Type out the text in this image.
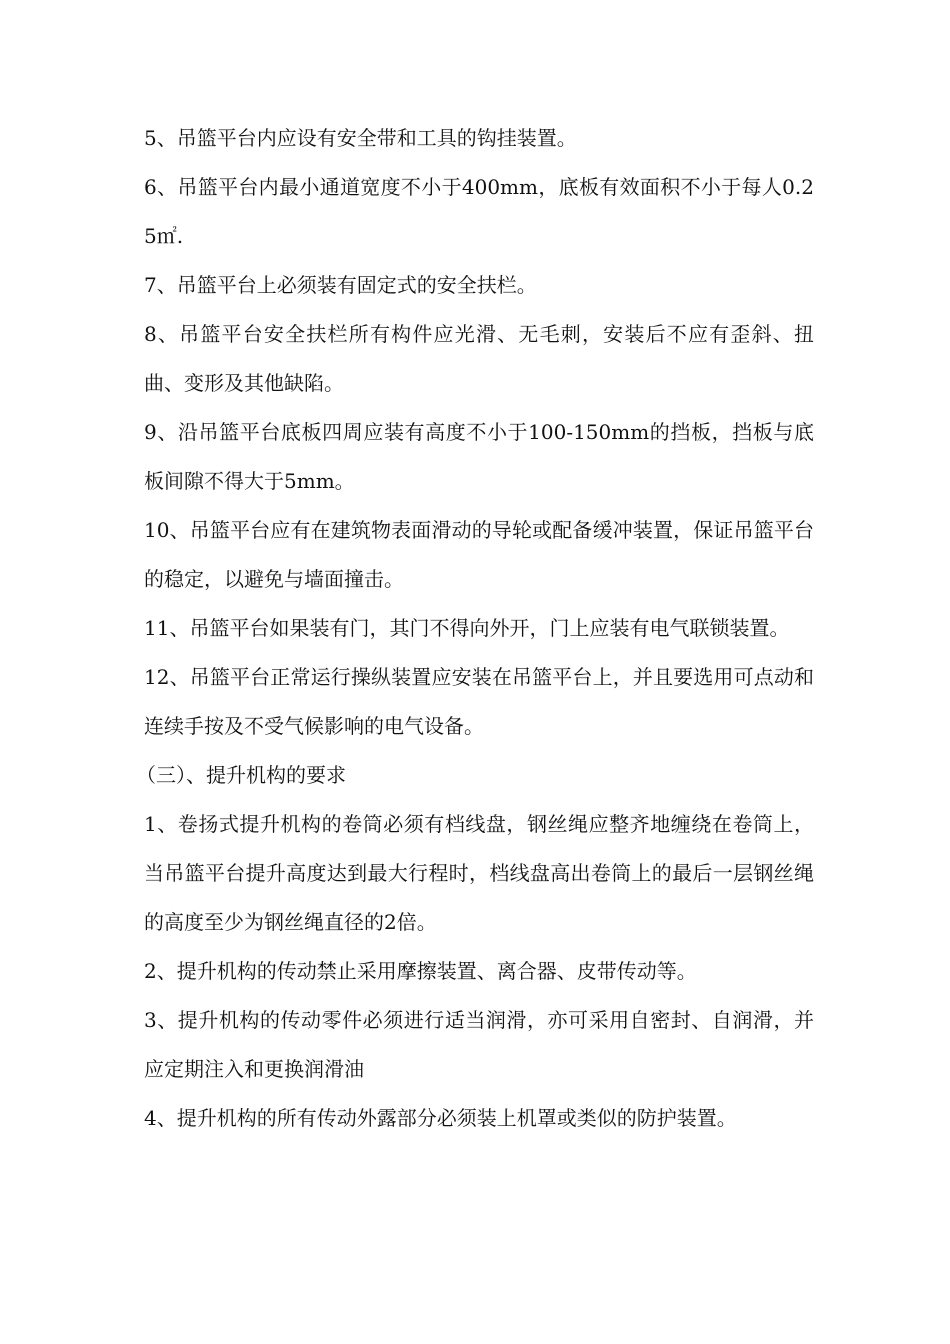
5、吊篮平台内应设有安全带和工具的钩挂装置。

6、吊篮平台内最小通道宽度不小于400mm，底板有效面积不小于每人0.25㎡.

7、吊篮平台上必须装有固定式的安全扶栏。

8、吊篮平台安全扶栏所有构件应光滑、无毛刺，安装后不应有歪斜、扭曲、变形及其他缺陷。

9、沿吊篮平台底板四周应装有高度不小于100-150mm的挡板，挡板与底板间隙不得大于5mm。

10、吊篮平台应有在建筑物表面滑动的导轮或配备缓冲装置，保证吊篮平台的稳定，以避免与墙面撞击。

11、吊篮平台如果装有门，其门不得向外开，门上应装有电气联锁装置。

12、吊篮平台正常运行操纵装置应安装在吊篮平台上，并且要选用可点动和连续手按及不受气候影响的电气设备。

（三）、提升机构的要求

1、卷扬式提升机构的卷筒必须有档线盘，钢丝绳应整齐地缠绕在卷筒上，当吊篮平台提升高度达到最大行程时，档线盘高出卷筒上的最后一层钢丝绳的高度至少为钢丝绳直径的2倍。

2、提升机构的传动禁止采用摩擦装置、离合器、皮带传动等。

3、提升机构的传动零件必须进行适当润滑，亦可采用自密封、自润滑，并应定期注入和更换润滑油

4、提升机构的所有传动外露部分必须装上机罩或类似的防护装置。
